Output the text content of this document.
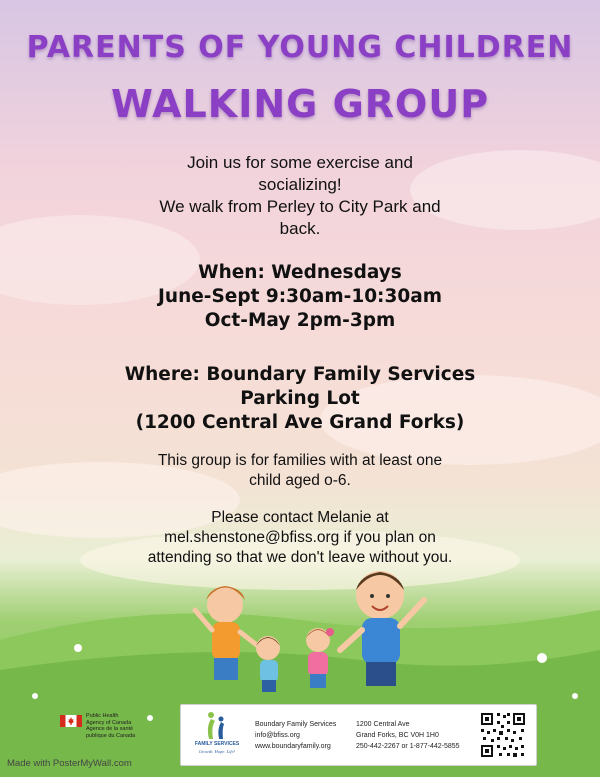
PARENTS OF YOUNG CHILDREN
WALKING GROUP
Join us for some exercise and
socializing!
We walk from Perley to City Park and
back.
When: Wednesdays
June-Sept 9:30am-10:30am
Oct-May 2pm-3pm
Where: Boundary Family Services
Parking Lot
(1200 Central Ave Grand Forks)
This group is for families with at least one
child aged o-6.
Please contact Melanie at
mel.shenstone@bfiss.org if you plan on
attending so that we don't leave without you.
Public Health
Agency of Canada
Agence de la santé
publique du Canada
FAMILY SERVICES
Growth. Hope. Life!
Boundary Family Services
info@bfiss.org
www.boundaryfamily.org
1200 Central Ave
Grand Forks, BC V0H 1H0
250-442-2267 or 1-877-442-5855
Made with PosterMyWall.com
